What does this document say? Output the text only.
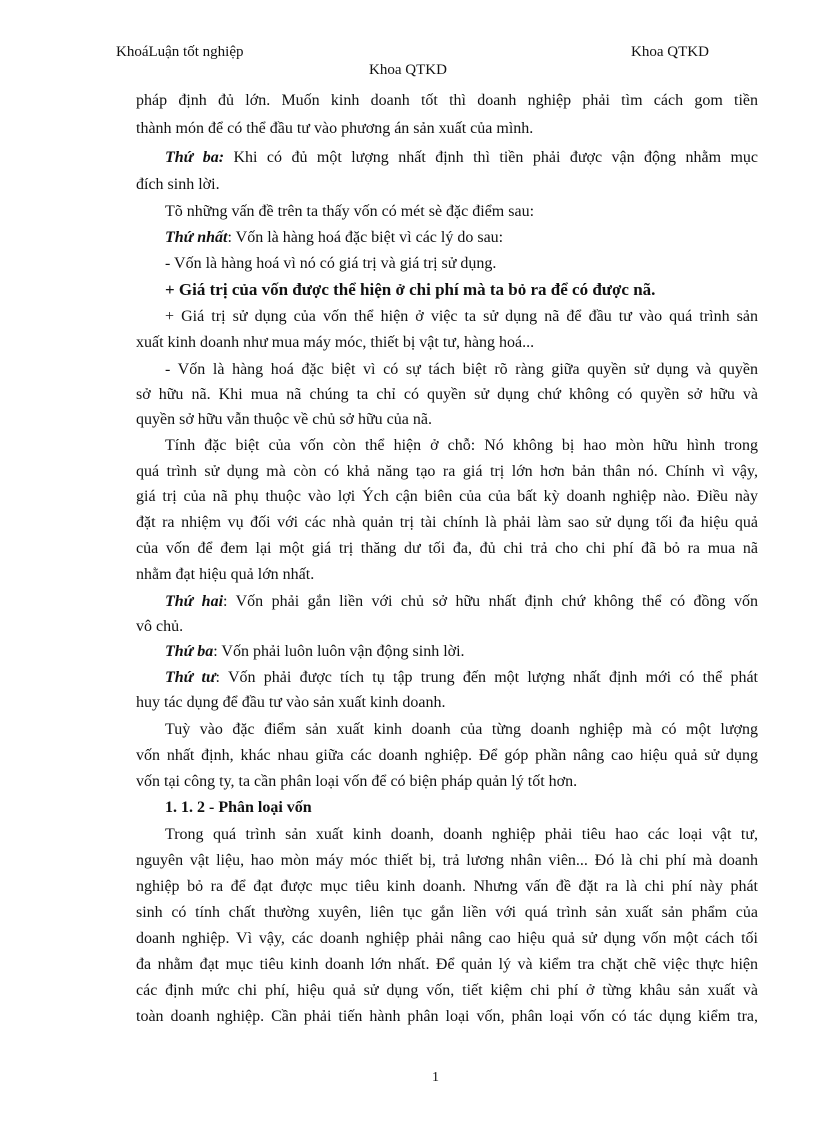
KhoáLuận tốt nghiệp	Khoa QTKD
Khoa QTKD
pháp định đủ lớn. Muốn kinh doanh tốt thì doanh nghiệp phải tìm cách gom tiền
thành món để có thể đầu tư vào phương án sản xuất của mình.
Thứ ba: Khi có đủ một lượng nhất định thì tiền phải được vận động nhằm mục
đích sinh lời.
Tõ những vấn đề trên ta thấy vốn có mét sè đặc điểm sau:
Thứ nhất: Vốn là hàng hoá đặc biệt vì các lý do sau:
- Vốn là hàng hoá vì nó có giá trị và giá trị sử dụng.
+ Giá trị của vốn được thể hiện ở chi phí mà ta bỏ ra để có được nã.
+ Giá trị sử dụng của vốn thể hiện ở việc ta sử dụng nã để đầu tư vào quá trình sản
xuất kinh doanh như mua máy móc, thiết bị vật tư, hàng hoá...
- Vốn là hàng hoá đặc biệt vì có sự tách biệt rõ ràng giữa quyền sử dụng và quyền
sở hữu nã. Khi mua nã chúng ta chỉ có quyền sử dụng chứ không có quyền sở hữu và
quyền sở hữu vẫn thuộc về chủ sở hữu của nã.
Tính đặc biệt của vốn còn thể hiện ở chỗ: Nó không bị hao mòn hữu hình trong
quá trình sử dụng mà còn có khả năng tạo ra giá trị lớn hơn bản thân nó. Chính vì vậy,
giá trị của nã phụ thuộc vào lợi Ých cận biên của của bất kỳ doanh nghiệp nào. Điều này
đặt ra nhiệm vụ đối với các nhà quản trị tài chính là phải làm sao sử dụng tối đa hiệu quả
của vốn để đem lại một giá trị thăng dư tối đa, đủ chi trả cho chi phí đã bỏ ra mua nã
nhằm đạt hiệu quả lớn nhất.
Thứ hai: Vốn phải gắn liền với chủ sở hữu nhất định chứ không thể có đồng vốn
vô chủ.
Thứ ba: Vốn phải luôn luôn vận động sinh lời.
Thứ tư: Vốn phải được tích tụ tập trung đến một lượng nhất định mới có thể phát
huy tác dụng để đầu tư vào sản xuất kinh doanh.
Tuỳ vào đặc điểm sản xuất kinh doanh của từng doanh nghiệp mà có một lượng
vốn nhất định, khác nhau giữa các doanh nghiệp. Để góp phần nâng cao hiệu quả sử dụng
vốn tại công ty, ta cần phân loại vốn để có biện pháp quản lý tốt hơn.
1. 1. 2 - Phân loại vốn
Trong quá trình sản xuất kinh doanh, doanh nghiệp phải tiêu hao các loại vật tư,
nguyên vật liệu, hao mòn máy móc thiết bị, trả lương nhân viên... Đó là chi phí mà doanh
nghiệp bỏ ra để đạt được mục tiêu kinh doanh. Nhưng vấn đề đặt ra là chi phí này phát
sinh có tính chất thường xuyên, liên tục gắn liền với quá trình sản xuất sản phẩm của
doanh nghiệp. Vì vậy, các doanh nghiệp phải nâng cao hiệu quả sử dụng vốn một cách tối
đa nhằm đạt mục tiêu kinh doanh lớn nhất. Để quản lý và kiểm tra chặt chẽ việc thực hiện
các định mức chi phí, hiệu quả sử dụng vốn, tiết kiệm chi phí ở từng khâu sản xuất và
toàn doanh nghiệp. Cần phải tiến hành phân loại vốn, phân loại vốn có tác dụng kiểm tra,
1
